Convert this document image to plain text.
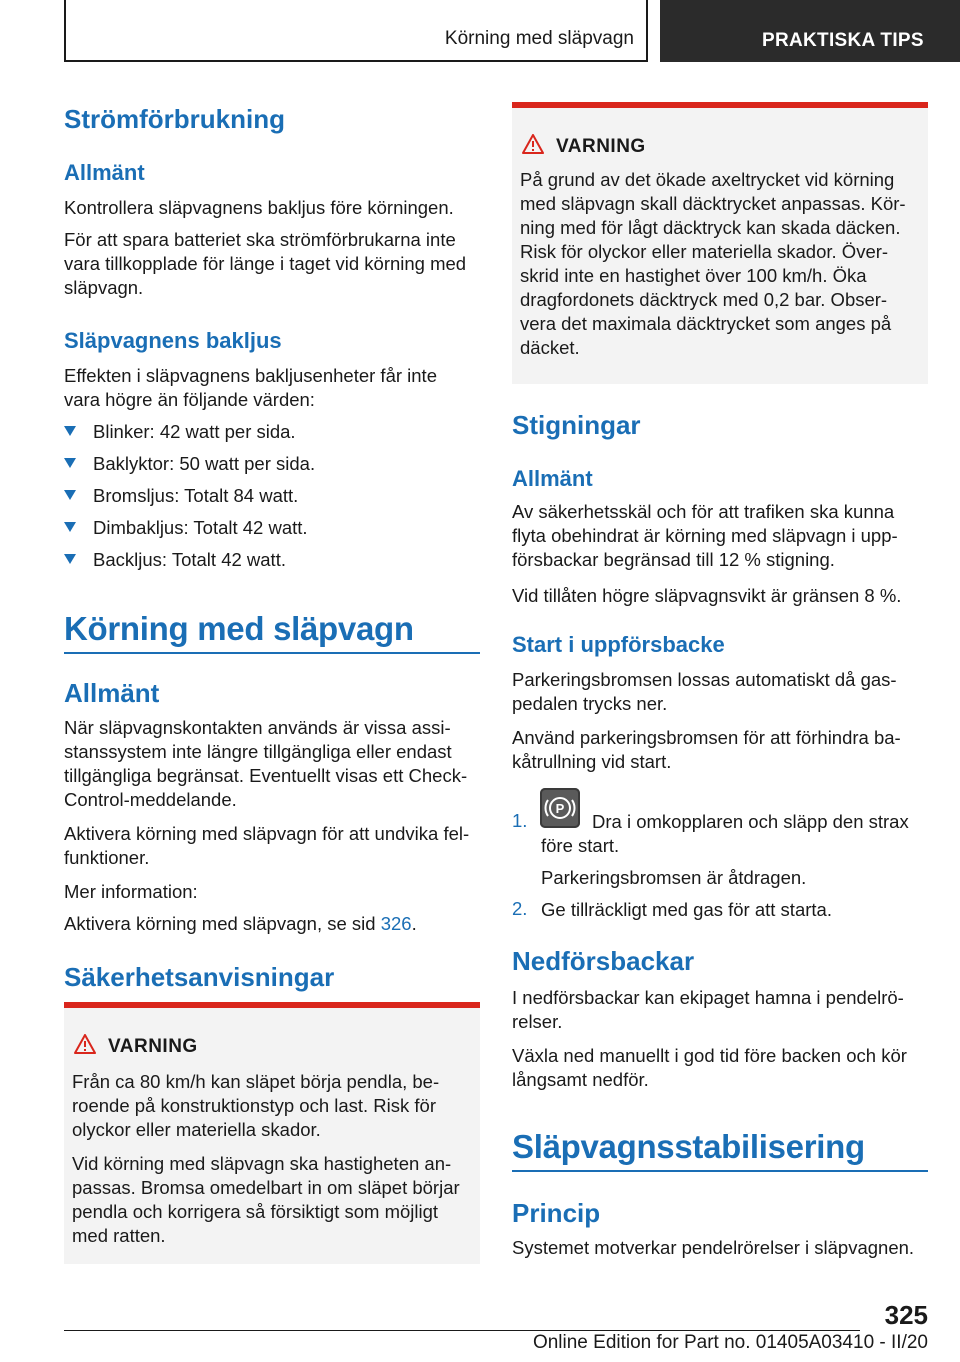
Körning med släpvagn	PRAKTISKA TIPS
Strömförbrukning
Allmänt

Kontrollera släpvagnens bakljus före körningen.

För att spara batteriet ska strömförbrukarna inte

vara tillkopplade för länge i taget vid körning med

släpvagn.

Släpvagnens bakljus

Effekten i släpvagnens bakljusenheter får inte

vara högre än följande värden:

Blinker: 42 watt per sida.
Baklyktor: 50 watt per sida.
Bromsljus: Totalt 84 watt.
Dimbakljus: Totalt 42 watt.
Backljus: Totalt 42 watt.
Körning med släpvagn
Allmänt

När släpvagnskontakten används är vissa assi-

stanssystem inte längre tillgängliga eller endast

tillgängliga begränsat. Eventuellt visas ett Check-

Control-meddelande.

Aktivera körning med släpvagn för att undvika fel-

funktioner.

Mer information:

Aktivera körning med släpvagn, se sid 326.

Säkerhetsanvisningar
VARNING

Från ca 80 km/h kan släpet börja pendla, be-

roende på konstruktionstyp och last. Risk för

olyckor eller materiella skador.

Vid körning med släpvagn ska hastigheten an-

passas. Bromsa omedelbart in om släpet börjar

pendla och korrigera så försiktigt som möjligt

med ratten.

VARNING

På grund av det ökade axeltrycket vid körning

med släpvagn skall däcktrycket anpassas. Kör-

ning med för lågt däcktryck kan skada däcken.

Risk för olyckor eller materiella skador. Över-

skrid inte en hastighet över 100 km/h. Öka

dragfordonets däcktryck med 0,2 bar. Obser-

vera det maximala däcktrycket som anges på

däcket.

Stigningar
Allmänt

Av säkerhetsskäl och för att trafiken ska kunna

flyta obehindrat är körning med släpvagn i upp-

försbackar begränsad till 12 % stigning.

Vid tillåten högre släpvagnsvikt är gränsen 8 %.

Start i uppförsbacke

Parkeringsbromsen lossas automatiskt då gas-

pedalen trycks ner.

Använd parkeringsbromsen för att förhindra ba-

kåtrullning vid start.

1.
P

Dra i omkopplaren och släpp den strax

före start.

Parkeringsbromsen är åtdragen.

2. Ge tillräckligt med gas för att starta.

Nedförsbackar

I nedförsbackar kan ekipaget hamna i pendelrö-

relser.

Växla ned manuellt i god tid före backen och kör

långsamt nedför.

Släpvagnsstabilisering
Princip

Systemet motverkar pendelrörelser i släpvagnen.

325
Online Edition for Part no. 01405A03410 - II/20
